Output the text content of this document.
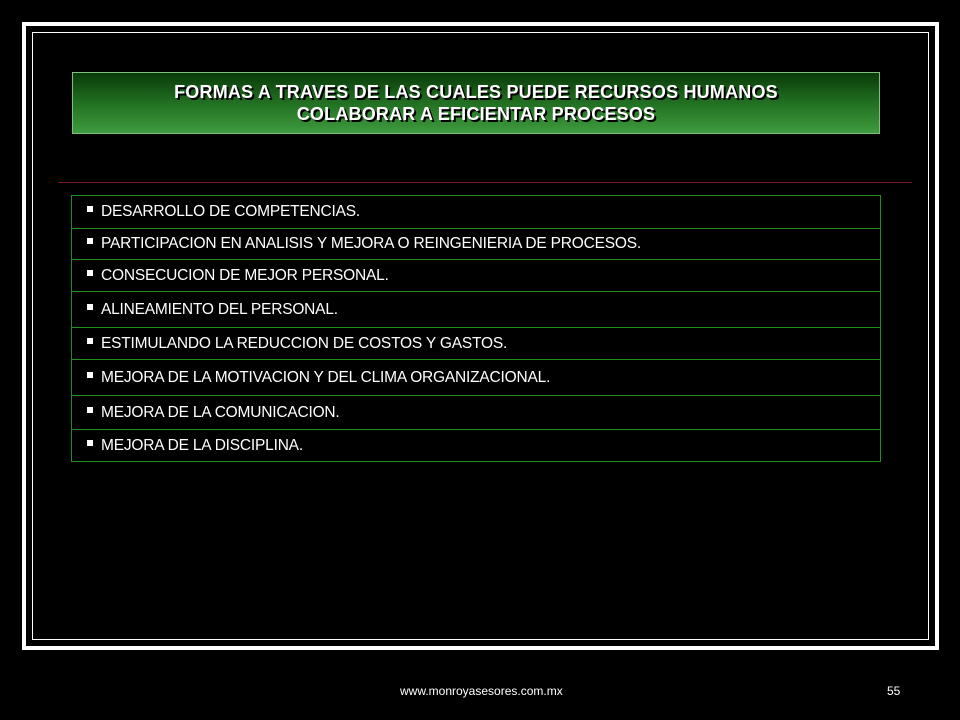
FORMAS A TRAVES DE LAS CUALES PUEDE RECURSOS HUMANOS
COLABORAR A EFICIENTAR PROCESOS
DESARROLLO DE COMPETENCIAS.
PARTICIPACION EN ANALISIS Y MEJORA O REINGENIERIA DE PROCESOS.
CONSECUCION DE MEJOR PERSONAL.
ALINEAMIENTO DEL PERSONAL.
ESTIMULANDO LA REDUCCION DE COSTOS Y GASTOS.
MEJORA DE LA MOTIVACION Y DEL CLIMA ORGANIZACIONAL.
MEJORA DE LA COMUNICACION.
MEJORA DE LA DISCIPLINA.
www.monroyasesores.com.mx	55
